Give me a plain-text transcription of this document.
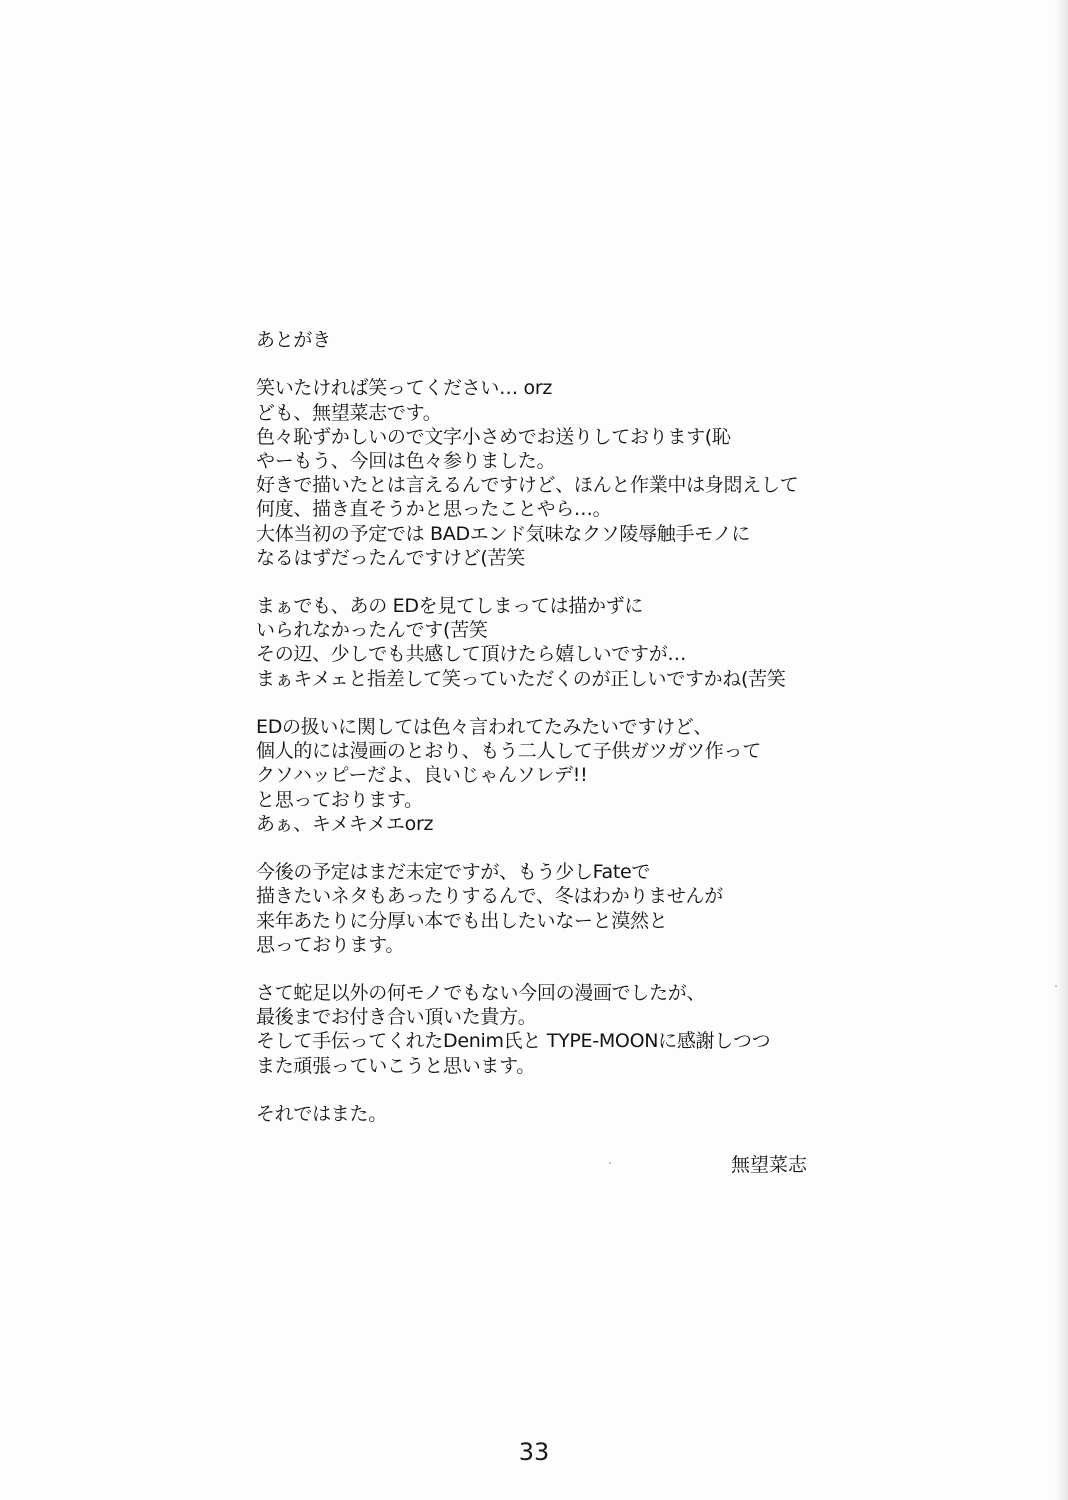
あとがき
笑いたければ笑ってください… orz
ども、無望菜志です。
色々恥ずかしいので文字小さめでお送りしております(恥
やーもう、今回は色々参りました。
好きで描いたとは言えるんですけど、ほんと作業中は身悶えして
何度、描き直そうかと思ったことやら…。
大体当初の予定では BADエンド気味なクソ陵辱触手モノに
なるはずだったんですけど(苦笑
まぁでも、あの EDを見てしまっては描かずに
いられなかったんです(苦笑
その辺、少しでも共感して頂けたら嬉しいですが…
まぁキメェと指差して笑っていただくのが正しいですかね(苦笑
EDの扱いに関しては色々言われてたみたいですけど、
個人的には漫画のとおり、もう二人して子供ガツガツ作って
クソハッピーだよ、良いじゃんソレデ!!
と思っております。
あぁ、キメキメエorz
今後の予定はまだ未定ですが、もう少しFateで
描きたいネタもあったりするんで、冬はわかりませんが
来年あたりに分厚い本でも出したいなーと漠然と
思っております。
さて蛇足以外の何モノでもない今回の漫画でしたが、
最後までお付き合い頂いた貴方。
そして手伝ってくれたDenim氏と TYPE-MOONに感謝しつつ
また頑張っていこうと思います。
それではまた。
無望菜志
33
